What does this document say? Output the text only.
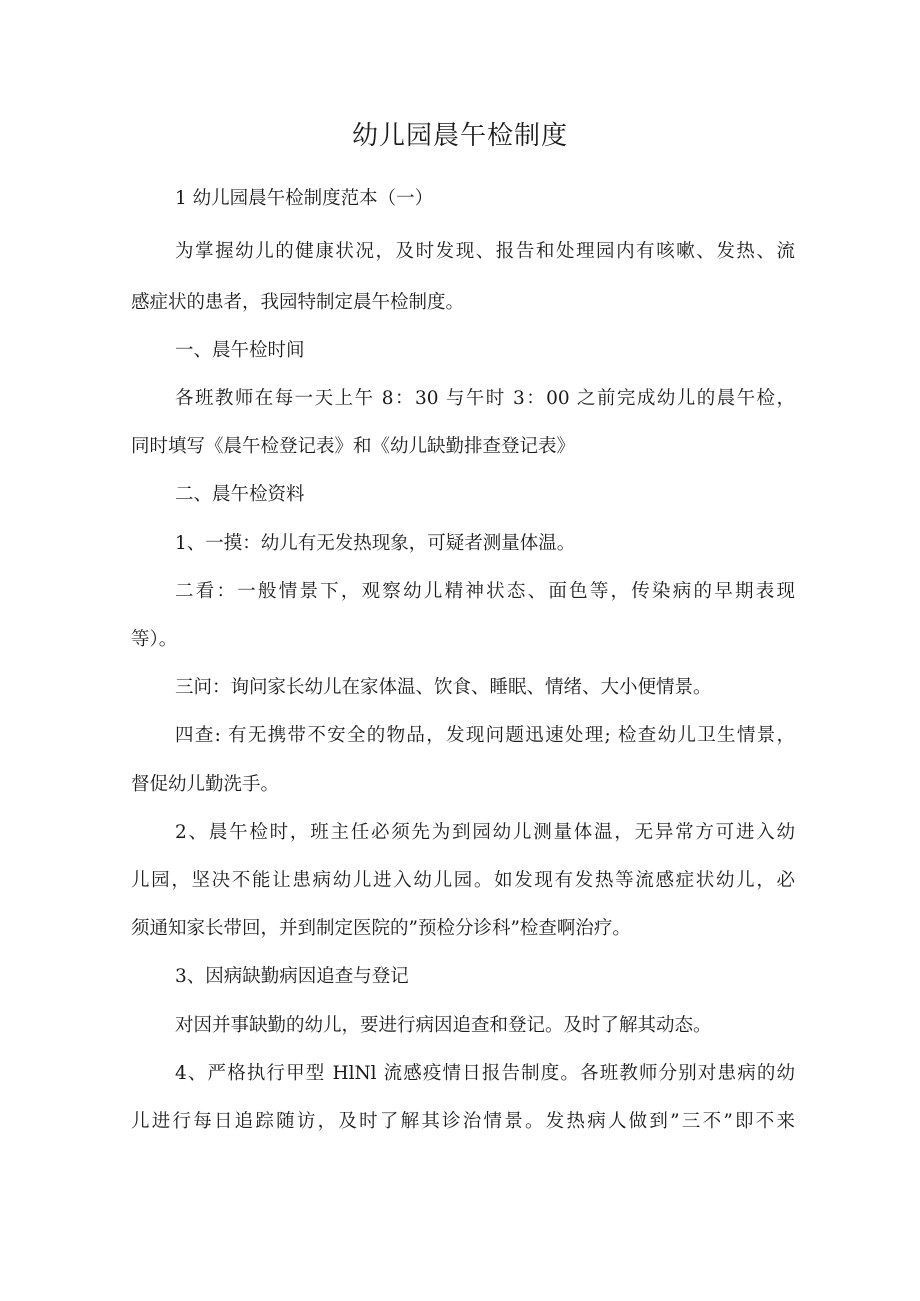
幼儿园晨午检制度
1 幼儿园晨午检制度范本（一）
为掌握幼儿的健康状况，及时发现、报告和处理园内有咳嗽、发热、流
感症状的患者，我园特制定晨午检制度。
一、晨午检时间
各班教师在每一天上午 8：30 与午时 3：00 之前完成幼儿的晨午检，
同时填写《晨午检登记表》和《幼儿缺勤排查登记表》
二、晨午检资料
1、一摸：幼儿有无发热现象，可疑者测量体温。
二看：一般情景下，观察幼儿精神状态、面色等，传染病的早期表现
等）。
三问：询问家长幼儿在家体温、饮食、睡眠、情绪、大小便情景。
四查: 有无携带不安全的物品，发现问题迅速处理; 检查幼儿卫生情景，
督促幼儿勤洗手。
2、晨午检时，班主任必须先为到园幼儿测量体温，无异常方可进入幼
儿园，坚决不能让患病幼儿进入幼儿园。如发现有发热等流感症状幼儿，必
须通知家长带回，并到制定医院的”预检分诊科”检查啊治疗。
3、因病缺勤病因追查与登记
对因并事缺勤的幼儿，要进行病因追查和登记。及时了解其动态。
4、严格执行甲型 HlNl 流感疫情日报告制度。各班教师分别对患病的幼
儿进行每日追踪随访，及时了解其诊治情景。发热病人做到”三不”即不来
